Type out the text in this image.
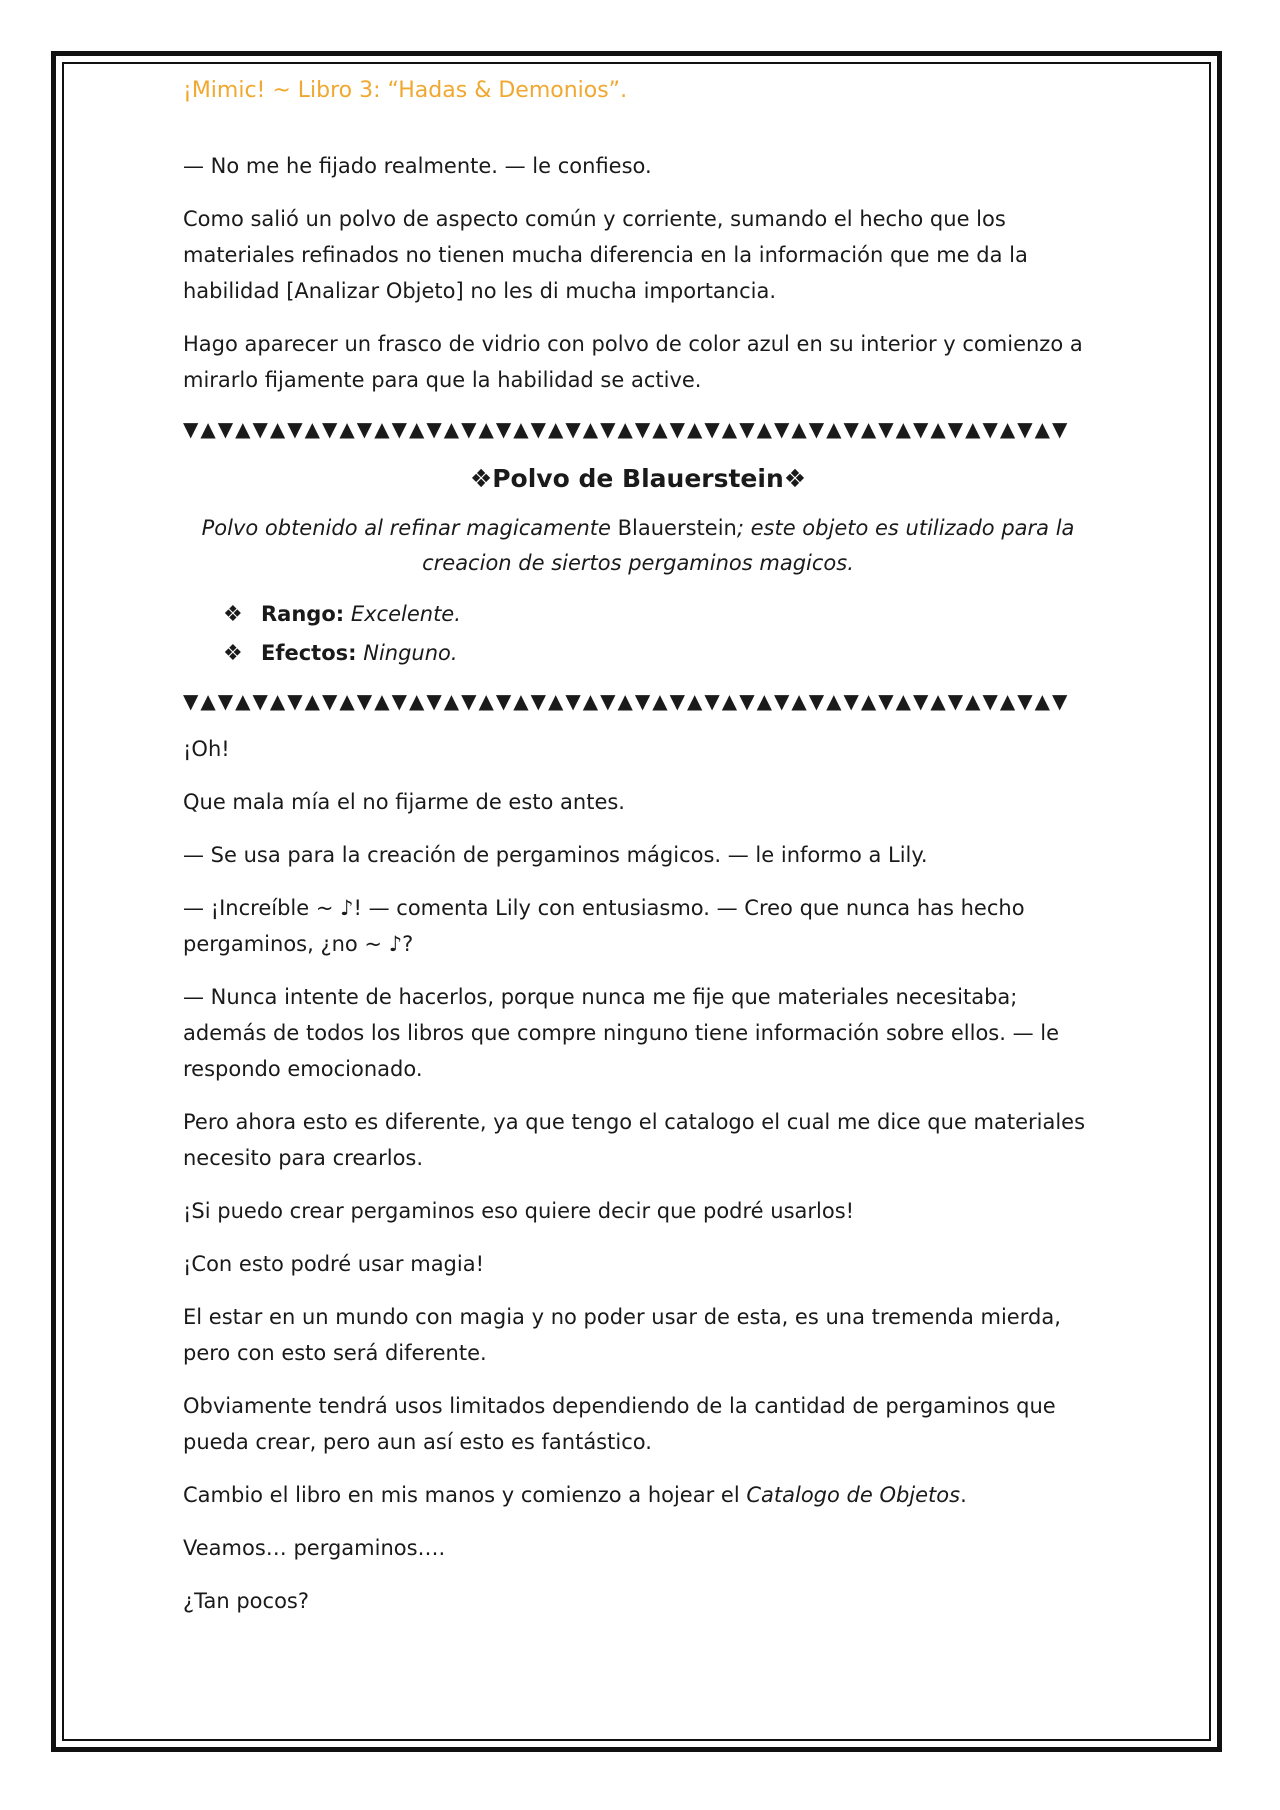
¡Mimic! ~ Libro 3: “Hadas & Demonios”.

— No me he fijado realmente. — le confieso.

Como salió un polvo de aspecto común y corriente, sumando el hecho que los materiales refinados no tienen mucha diferencia en la información que me da la habilidad [Analizar Objeto] no les di mucha importancia.

Hago aparecer un frasco de vidrio con polvo de color azul en su interior y comienzo a mirarlo fijamente para que la habilidad se active.

▼▲▼▲▼▲▼▲▼▲▼▲▼▲▼▲▼▲▼▲▼▲▼▲▼▲▼▲▼▲▼▲▼▲▼▲▼▲▼▲▼▲▼▲▼▲▼▲▼▲▼
❖Polvo de Blauerstein❖
Polvo obtenido al refinar magicamente Blauerstein; este objeto es utilizado para la creacion de siertos pergaminos magicos.
❖ Rango: Excelente.
❖ Efectos: Ninguno.
▼▲▼▲▼▲▼▲▼▲▼▲▼▲▼▲▼▲▼▲▼▲▼▲▼▲▼▲▼▲▼▲▼▲▼▲▼▲▼▲▼▲▼▲▼▲▼▲▼▲▼

¡Oh!

Que mala mía el no fijarme de esto antes.

— Se usa para la creación de pergaminos mágicos. — le informo a Lily.

— ¡Increíble ~ ♪! — comenta Lily con entusiasmo. — Creo que nunca has hecho pergaminos, ¿no ~ ♪?

— Nunca intente de hacerlos, porque nunca me fije que materiales necesitaba; además de todos los libros que compre ninguno tiene información sobre ellos. — le respondo emocionado.

Pero ahora esto es diferente, ya que tengo el catalogo el cual me dice que materiales necesito para crearlos.

¡Si puedo crear pergaminos eso quiere decir que podré usarlos!

¡Con esto podré usar magia!

El estar en un mundo con magia y no poder usar de esta, es una tremenda mierda, pero con esto será diferente.

Obviamente tendrá usos limitados dependiendo de la cantidad de pergaminos que pueda crear, pero aun así esto es fantástico.

Cambio el libro en mis manos y comienzo a hojear el Catalogo de Objetos.

Veamos… pergaminos….

¿Tan pocos?
